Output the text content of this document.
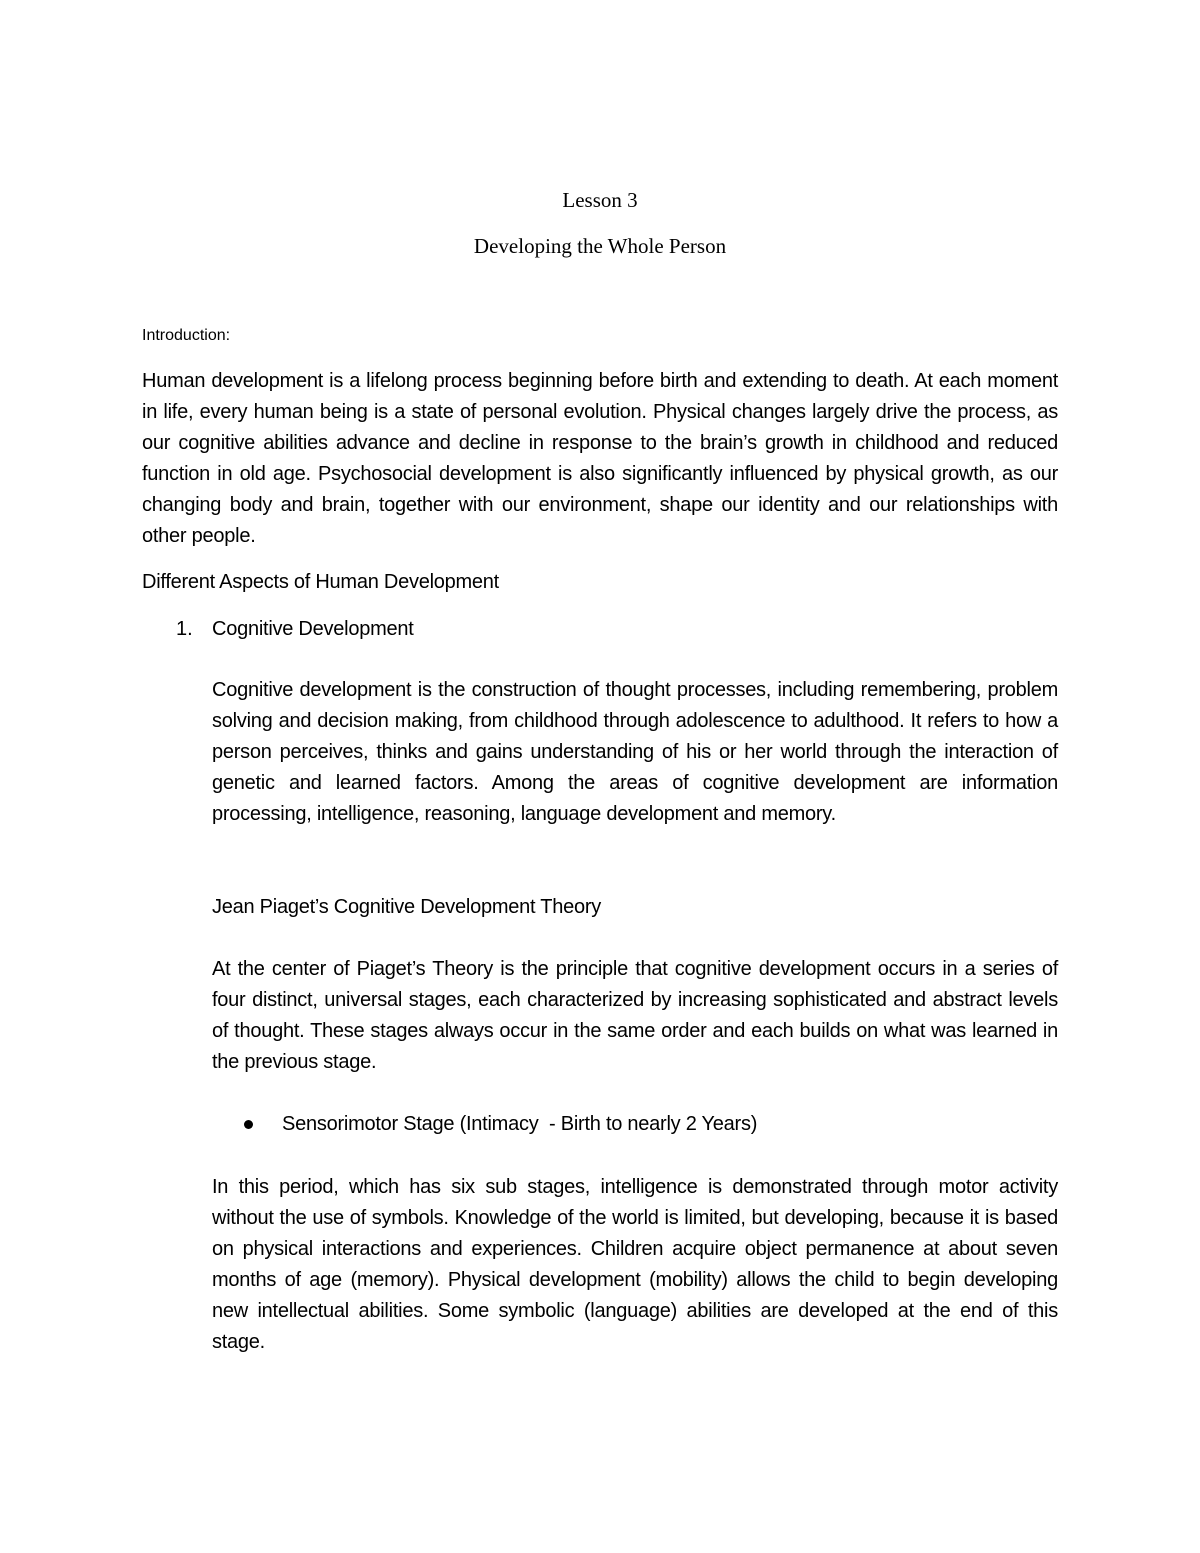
Lesson 3

Developing the Whole Person

Introduction:

Human development is a lifelong process beginning before birth and extending to death. At each moment in life, every human being is a state of personal evolution. Physical changes largely drive the process, as our cognitive abilities advance and decline in response to the brain’s growth in childhood and reduced function in old age. Psychosocial development is also significantly influenced by physical growth, as our changing body and brain, together with our environment, shape our identity and our relationships with other people.

Different Aspects of Human Development

1. Cognitive Development

Cognitive development is the construction of thought processes, including remembering, problem solving and decision making, from childhood through adolescence to adulthood. It refers to how a person perceives, thinks and gains understanding of his or her world through the interaction of genetic and learned factors. Among the areas of cognitive development are information processing, intelligence, reasoning, language development and memory.

Jean Piaget’s Cognitive Development Theory

At the center of Piaget’s Theory is the principle that cognitive development occurs in a series of four distinct, universal stages, each characterized by increasing sophisticated and abstract levels of thought. These stages always occur in the same order and each builds on what was learned in the previous stage.

Sensorimotor Stage (Intimacy  - Birth to nearly 2 Years)

In this period, which has six sub stages, intelligence is demonstrated through motor activity without the use of symbols. Knowledge of the world is limited, but developing, because it is based on physical interactions and experiences. Children acquire object permanence at about seven months of age (memory). Physical development (mobility) allows the child to begin developing new intellectual abilities. Some symbolic (language) abilities are developed at the end of this stage.
